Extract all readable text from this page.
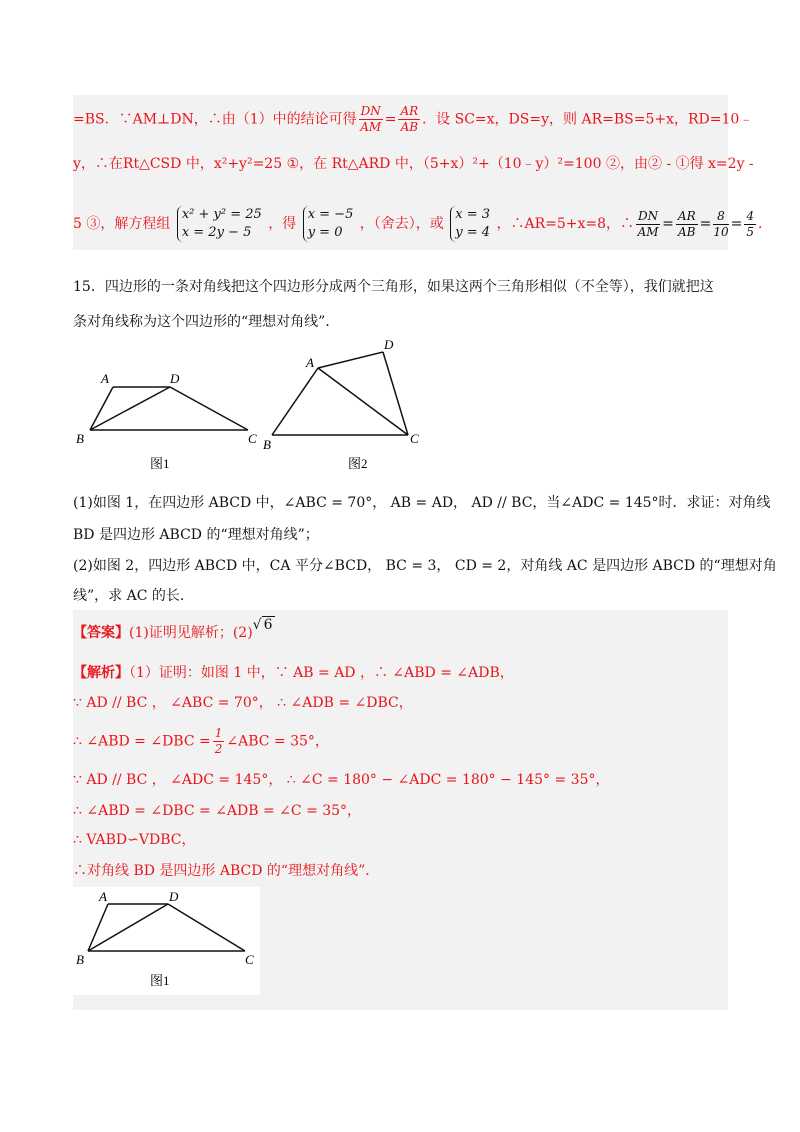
=BS．∵AM⊥DN，∴由（1）中的结论可得 $\frac{DN}{AM} = \frac{AR}{AB}$ ．设 SC=x，DS=y，则 AR=BS=5+x，RD=10﹣
y，∴在Rt△CSD 中，x²+y²=25 ①，在 Rt△ARD 中，（5+x）²+（10﹣y）²=100 ②，由② - ①得 x=2y -
5 ③，解方程组 x² + y² = 25
x = 2y − 5 ，得 x = −5
y = 0 ，（舍去），或 x = 3
y = 4 ，∴AR=5+x=8，∴ $\frac{DN}{AM} = \frac{AR}{AB} = \frac{8}{10} = \frac{4}{5}$ ．
15．四边形的一条对角线把这个四边形分成两个三角形，如果这两个三角形相似（不全等），我们就把这
条对角线称为这个四边形的“理想对角线”．
A	D
B	C
图1
A
D
B	C
图2
(1)如图 1，在四边形 ABCD 中，∠ABC = 70°， AB = AD， AD // BC，当∠ADC = 145°时．求证：对角线
BD 是四边形 ABCD 的“理想对角线”；
(2)如图 2，四边形 ABCD 中，CA 平分∠BCD， BC = 3， CD = 2，对角线 AC 是四边形 ABCD 的“理想对角
线”，求 AC 的长.
【答案】(1)证明见解析；(2)√ 6
【解析】（1）证明：如图 1 中，∵ AB = AD ，∴ ∠ABD = ∠ADB，
∵ AD // BC ， ∠ABC = 70°， ∴ ∠ADB = ∠DBC，
∴ ∠ABD = ∠DBC = $\frac{1}{2}$ ∠ABC = 35°，
∵ AD // BC ， ∠ADC = 145°， ∴ ∠C = 180° − ∠ADC = 180° − 145° = 35°，
∴ ∠ABD = ∠DBC = ∠ADB = ∠C = 35°，
∴ VABD∽VDBC，
∴对角线 BD 是四边形 ABCD 的“理想对角线”．
A	D
B	C
图1
